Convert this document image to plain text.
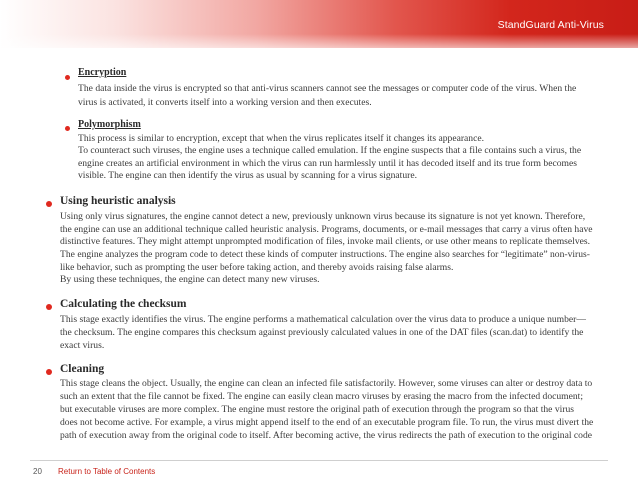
StandGuard Anti-Virus
Encryption
The data inside the virus is encrypted so that anti-virus scanners cannot see the messages or computer code of the virus. When the
virus is activated, it converts itself into a working version and then executes.
Polymorphism
This process is similar to encryption, except that when the virus replicates itself it changes its appearance.
To counteract such viruses, the engine uses a technique called emulation. If the engine suspects that a file contains such a virus, the
engine creates an artificial environment in which the virus can run harmlessly until it has decoded itself and its true form becomes
visible. The engine can then identify the virus as usual by scanning for a virus signature.
Using heuristic analysis
Using only virus signatures, the engine cannot detect a new, previously unknown virus because its signature is not yet known. Therefore,
the engine can use an additional technique called heuristic analysis. Programs, documents, or e-mail messages that carry a virus often have
distinctive features. They might attempt unprompted modification of files, invoke mail clients, or use other means to replicate themselves.
The engine analyzes the program code to detect these kinds of computer instructions. The engine also searches for “legitimate” non-virus-
like behavior, such as prompting the user before taking action, and thereby avoids raising false alarms.
By using these techniques, the engine can detect many new viruses.
Calculating the checksum
This stage exactly identifies the virus. The engine performs a mathematical calculation over the virus data to produce a unique number—
the checksum. The engine compares this checksum against previously calculated values in one of the DAT files (scan.dat) to identify the
exact virus.
Cleaning
This stage cleans the object. Usually, the engine can clean an infected file satisfactorily. However, some viruses can alter or destroy data to
such an extent that the file cannot be fixed. The engine can easily clean macro viruses by erasing the macro from the infected document;
but executable viruses are more complex. The engine must restore the original path of execution through the program so that the virus
does not become active. For example, a virus might append itself to the end of an executable program file. To run, the virus must divert the
path of execution away from the original code to itself. After becoming active, the virus redirects the path of execution to the original code
20 Return to Table of Contents
